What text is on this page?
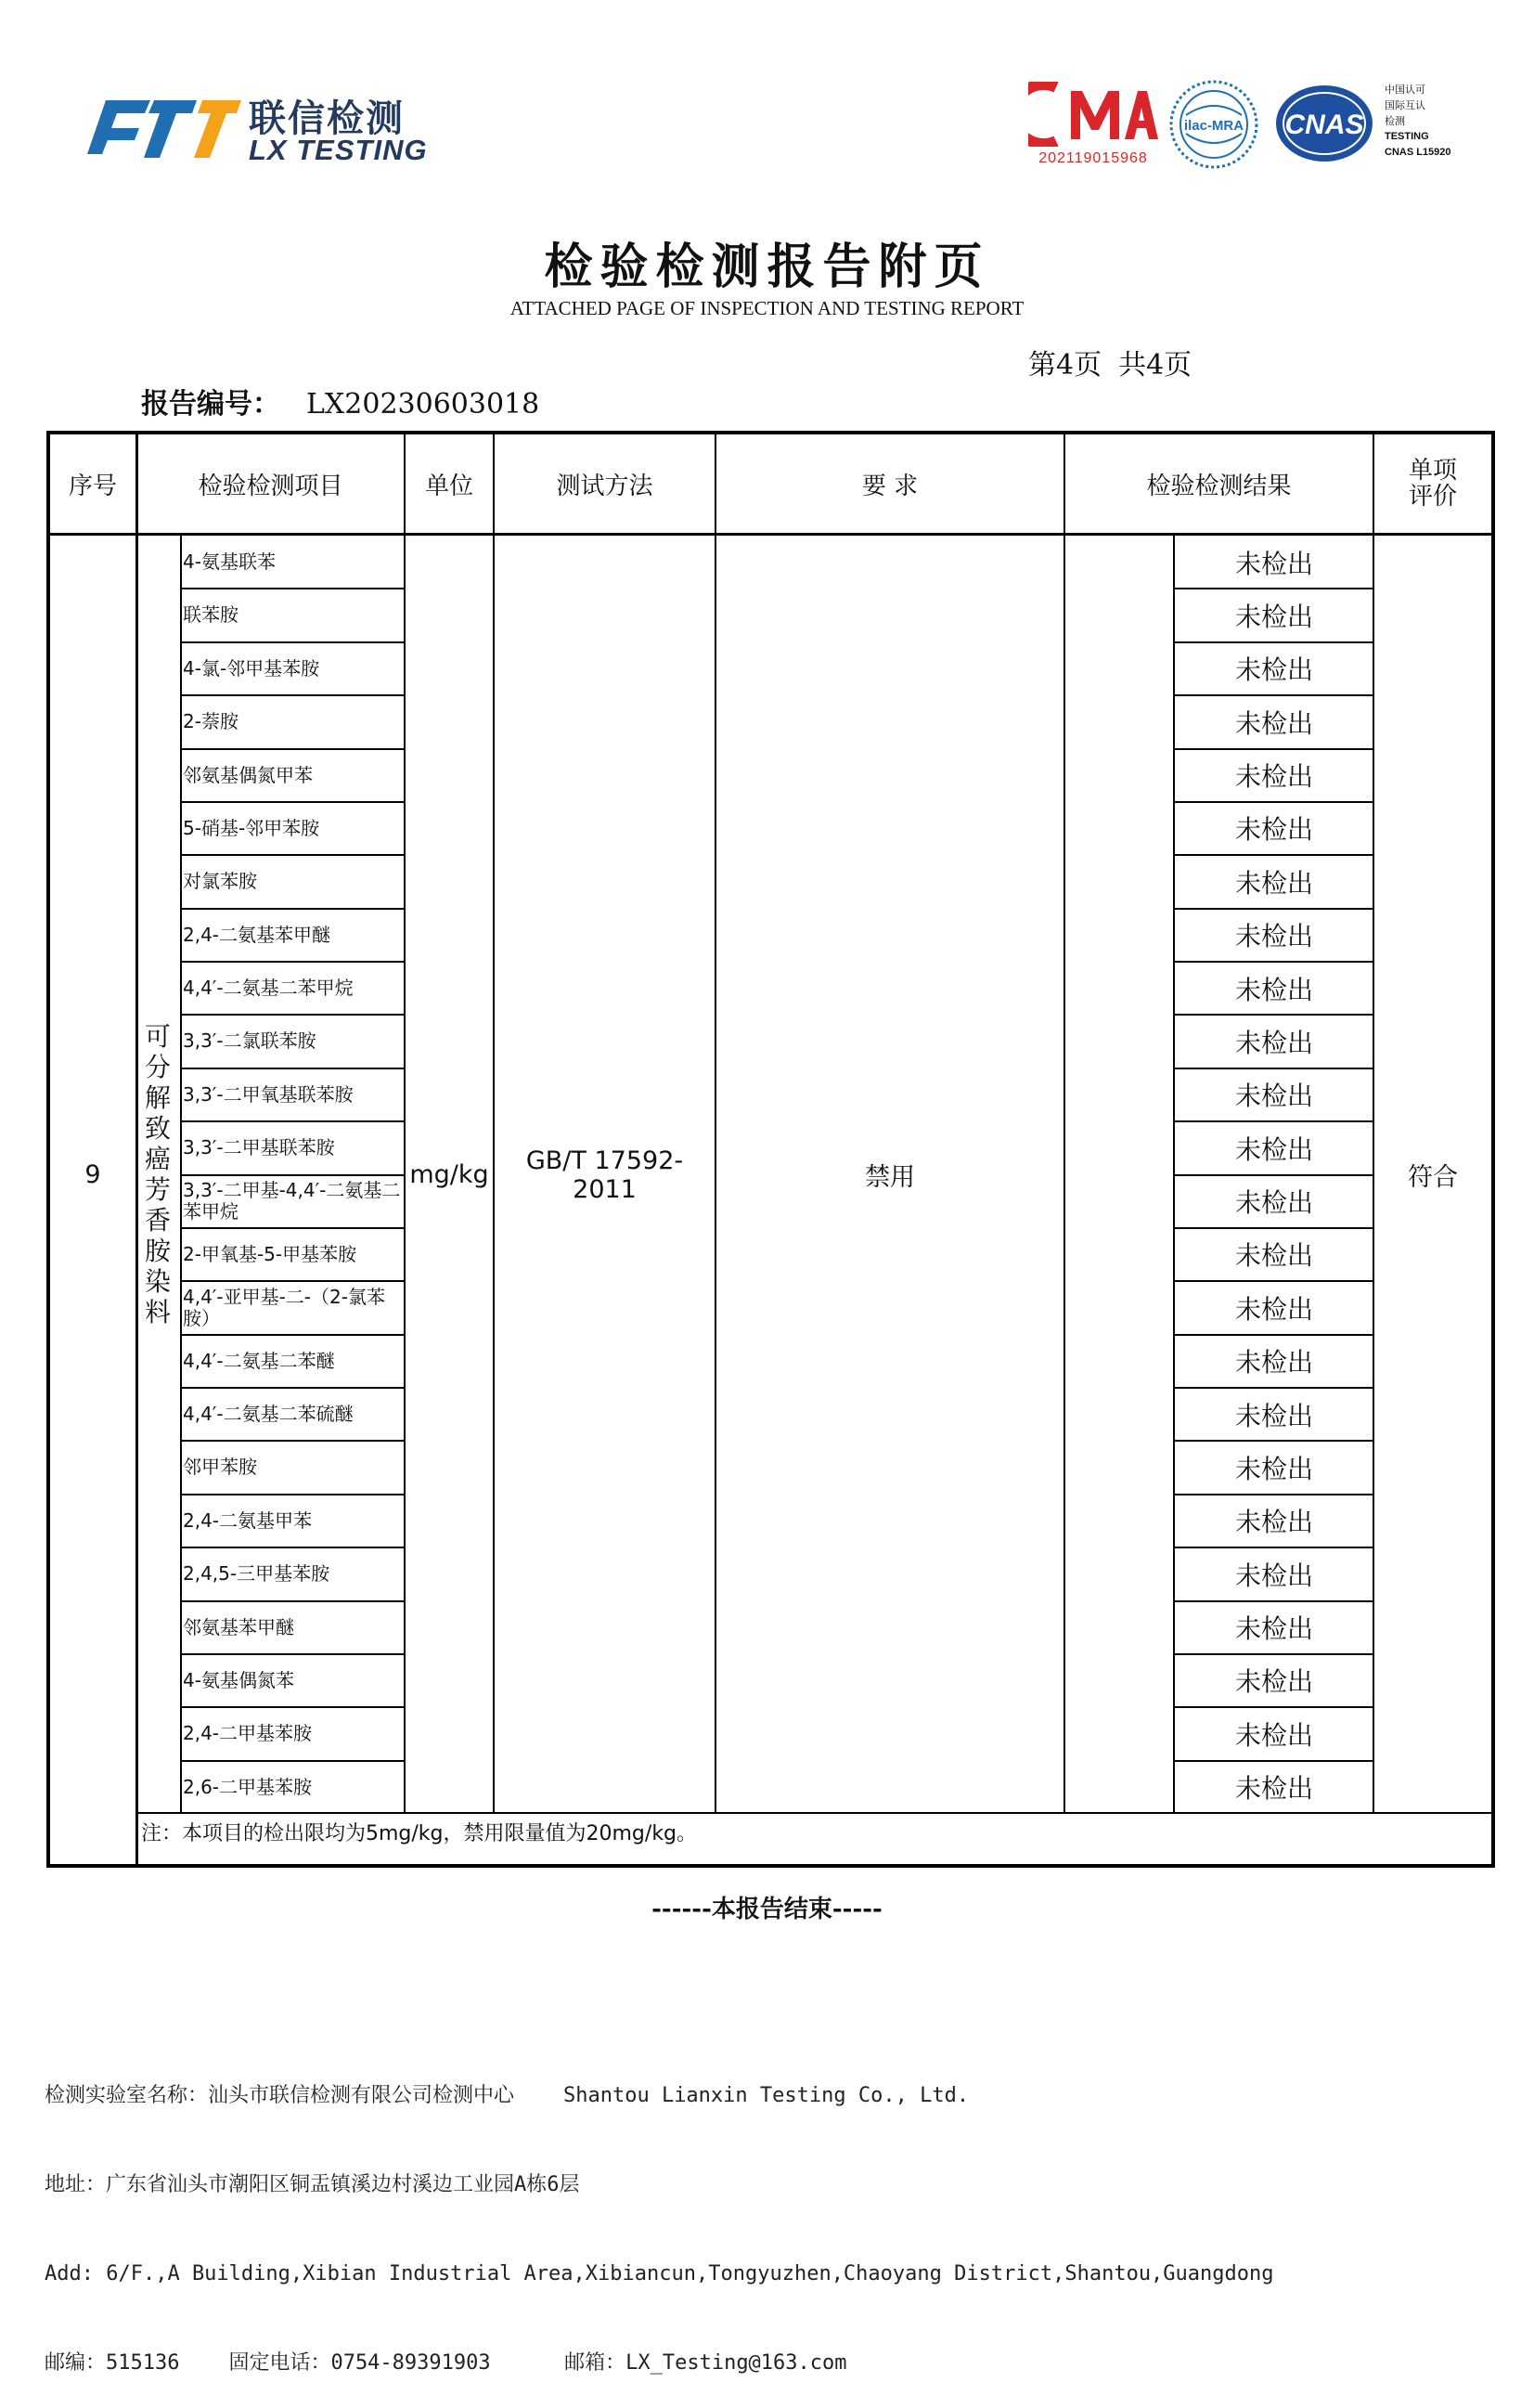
联信检测
LX TESTING	202119015968
ilac-MRA CNAS
中国认可
国际互认
检测
TESTING
CNAS L15920
检验检测报告附页
ATTACHED PAGE OF INSPECTION AND TESTING REPORT
第4页 共4页
报告编号： LX20230603018
序号	检验检测项目	单位	测试方法	要 求	检验检测结果
单项
评价
9
可分解致癌芳香胺染料
mg/kg	GB/T 17592-2011	禁用	符合
4-氨基联苯	未检出
联苯胺	未检出
4-氯-邻甲基苯胺	未检出
2-萘胺	未检出
邻氨基偶氮甲苯	未检出
5-硝基-邻甲苯胺	未检出
对氯苯胺	未检出
2,4-二氨基苯甲醚	未检出
4,4′-二氨基二苯甲烷	未检出
3,3′-二氯联苯胺	未检出
3,3′-二甲氧基联苯胺	未检出
3,3′-二甲基联苯胺	未检出
3,3′-二甲基-4,4′-二氨基二苯甲烷	未检出
2-甲氧基-5-甲基苯胺	未检出
4,4′-亚甲基-二-（2-氯苯胺）	未检出
4,4′-二氨基二苯醚	未检出
4,4′-二氨基二苯硫醚	未检出
邻甲苯胺	未检出
2,4-二氨基甲苯	未检出
2,4,5-三甲基苯胺	未检出
邻氨基苯甲醚	未检出
4-氨基偶氮苯	未检出
2,4-二甲基苯胺	未检出
2,6-二甲基苯胺	未检出
注：本项目的检出限均为5mg/kg，禁用限量值为20mg/kg。
------本报告结束-----

检测实验室名称：汕头市联信检测有限公司检测中心    Shantou Lianxin Testing Co., Ltd.

地址：广东省汕头市潮阳区铜盂镇溪边村溪边工业园A栋6层

Add: 6/F.,A Building,Xibian Industrial Area,Xibiancun,Tongyuzhen,Chaoyang District,Shantou,Guangdong

邮编：515136    固定电话：0754-89391903      邮箱：LX_Testing@163.com
